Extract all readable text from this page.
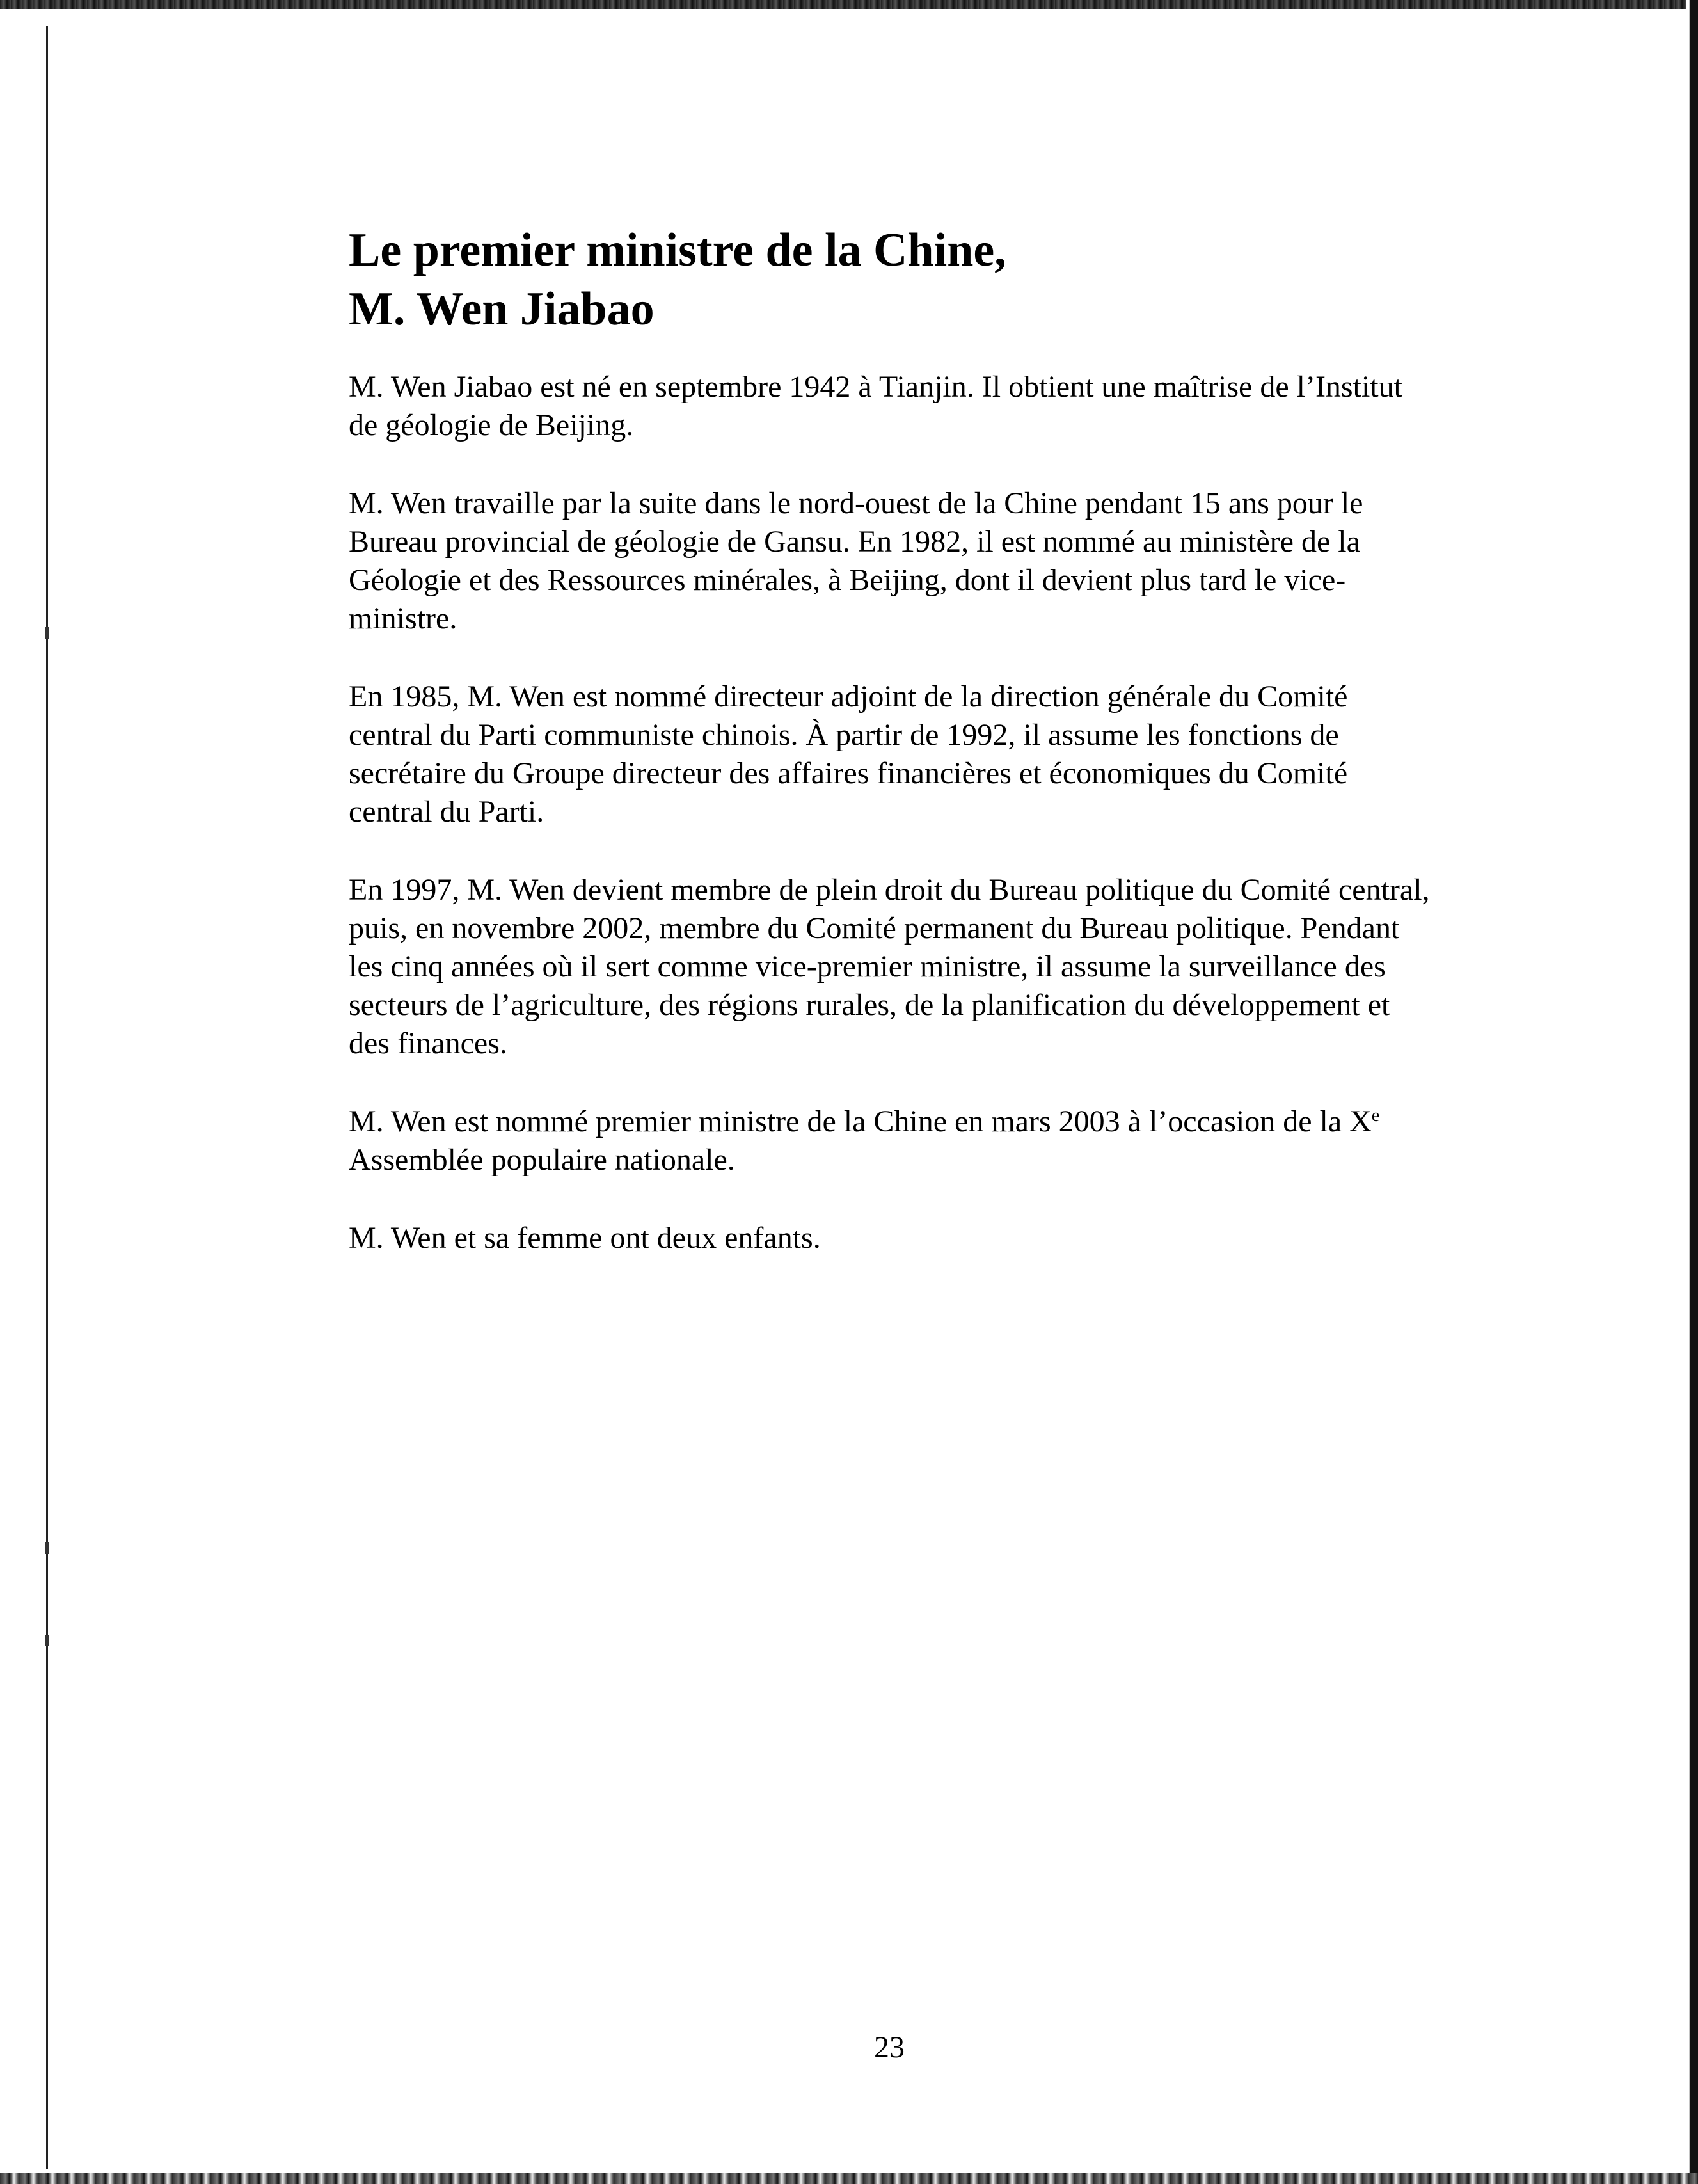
Le premier ministre de la Chine,
M. Wen Jiabao

M. Wen Jiabao est né en septembre 1942 à Tianjin. Il obtient une maîtrise de l’Institut de géologie de Beijing.

M. Wen travaille par la suite dans le nord-ouest de la Chine pendant 15 ans pour le Bureau provincial de géologie de Gansu. En 1982, il est nommé au ministère de la Géologie et des Ressources minérales, à Beijing, dont il devient plus tard le vice-ministre.

En 1985, M. Wen est nommé directeur adjoint de la direction générale du Comité central du Parti communiste chinois. À partir de 1992, il assume les fonctions de secrétaire du Groupe directeur des affaires financières et économiques du Comité central du Parti.

En 1997, M. Wen devient membre de plein droit du Bureau politique du Comité central, puis, en novembre 2002, membre du Comité permanent du Bureau politique. Pendant les cinq années où il sert comme vice-premier ministre, il assume la surveillance des secteurs de l’agriculture, des régions rurales, de la planification du développement et des finances.

M. Wen est nommé premier ministre de la Chine en mars 2003 à l’occasion de la Xe Assemblée populaire nationale.

M. Wen et sa femme ont deux enfants.

23
